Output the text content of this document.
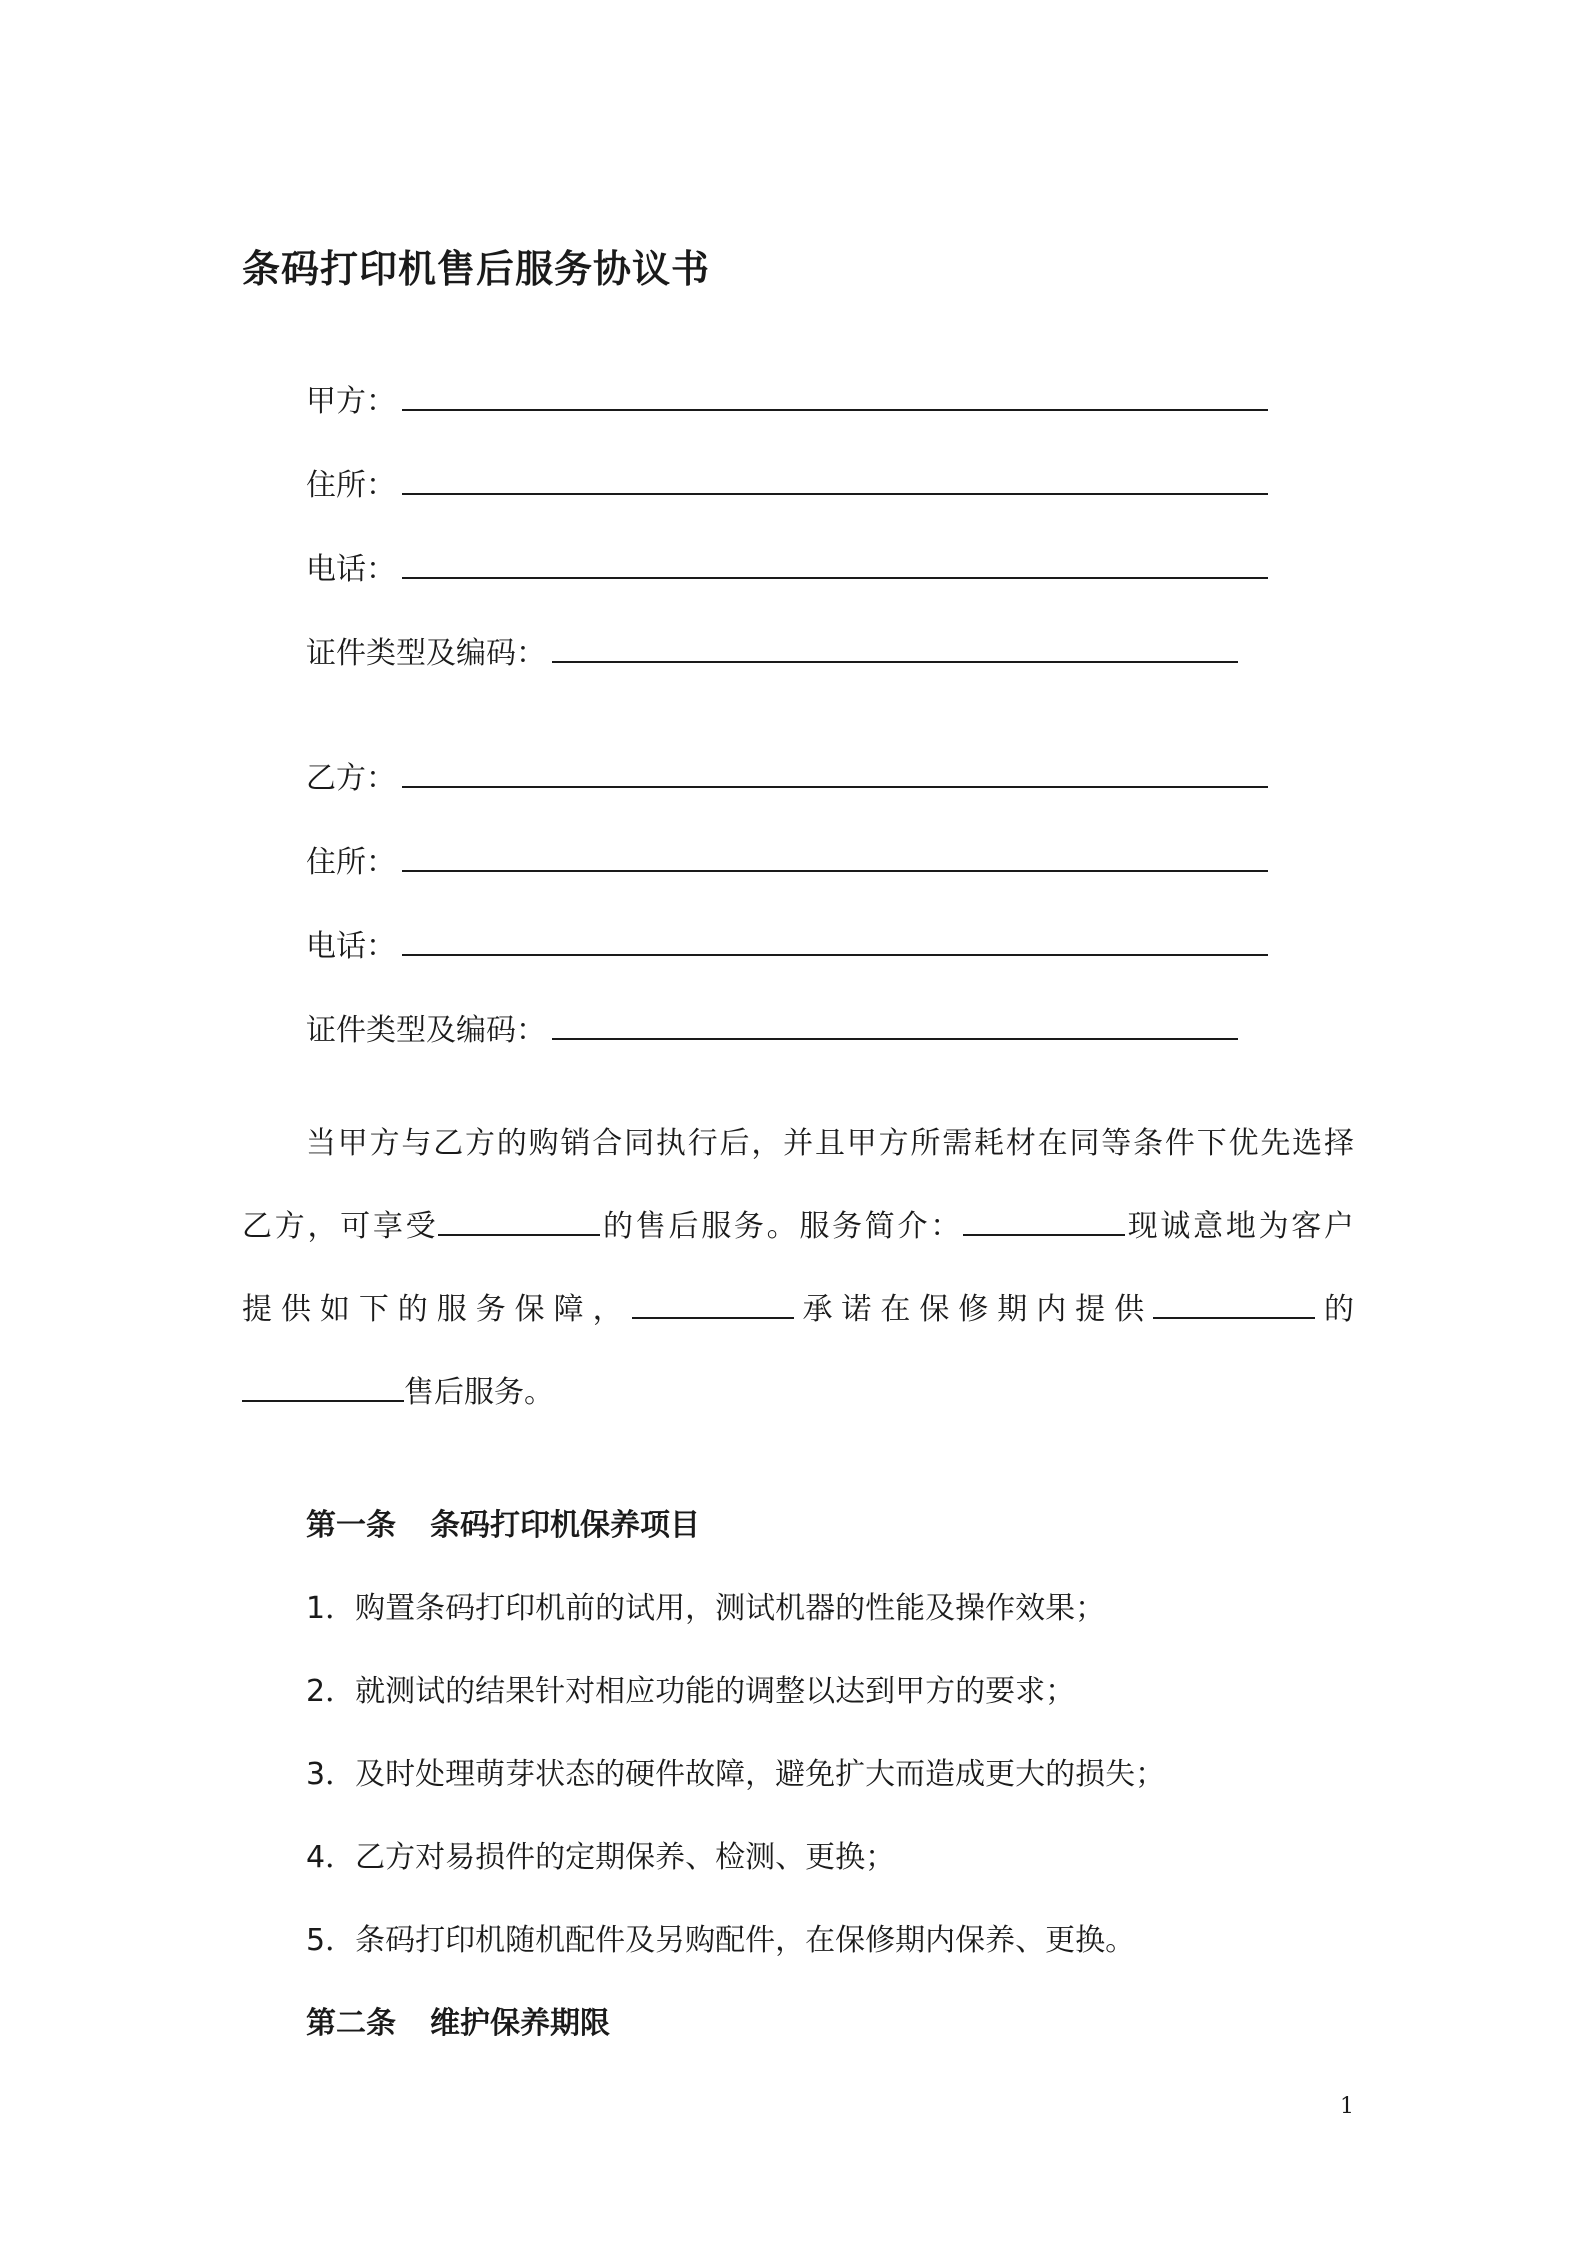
条码打印机售后服务协议书
甲方：
住所：
电话：
证件类型及编码：
乙方：
住所：
电话：
证件类型及编码：

当甲方与乙方的购销合同执行后，并且甲方所需耗材在同等条件下优先选择

乙方，可享受	的售后服务。服务简介：	现诚意地为客户

提供如下的服务保障，	承诺在保修期内提供	的

售后服务。

第一条 条码打印机保养项目
1．购置条码打印机前的试用，测试机器的性能及操作效果；
2．就测试的结果针对相应功能的调整以达到甲方的要求；
3．及时处理萌芽状态的硬件故障，避免扩大而造成更大的损失；
4．乙方对易损件的定期保养、检测、更换；
5．条码打印机随机配件及另购配件，在保修期内保养、更换。
第二条 维护保养期限
1
